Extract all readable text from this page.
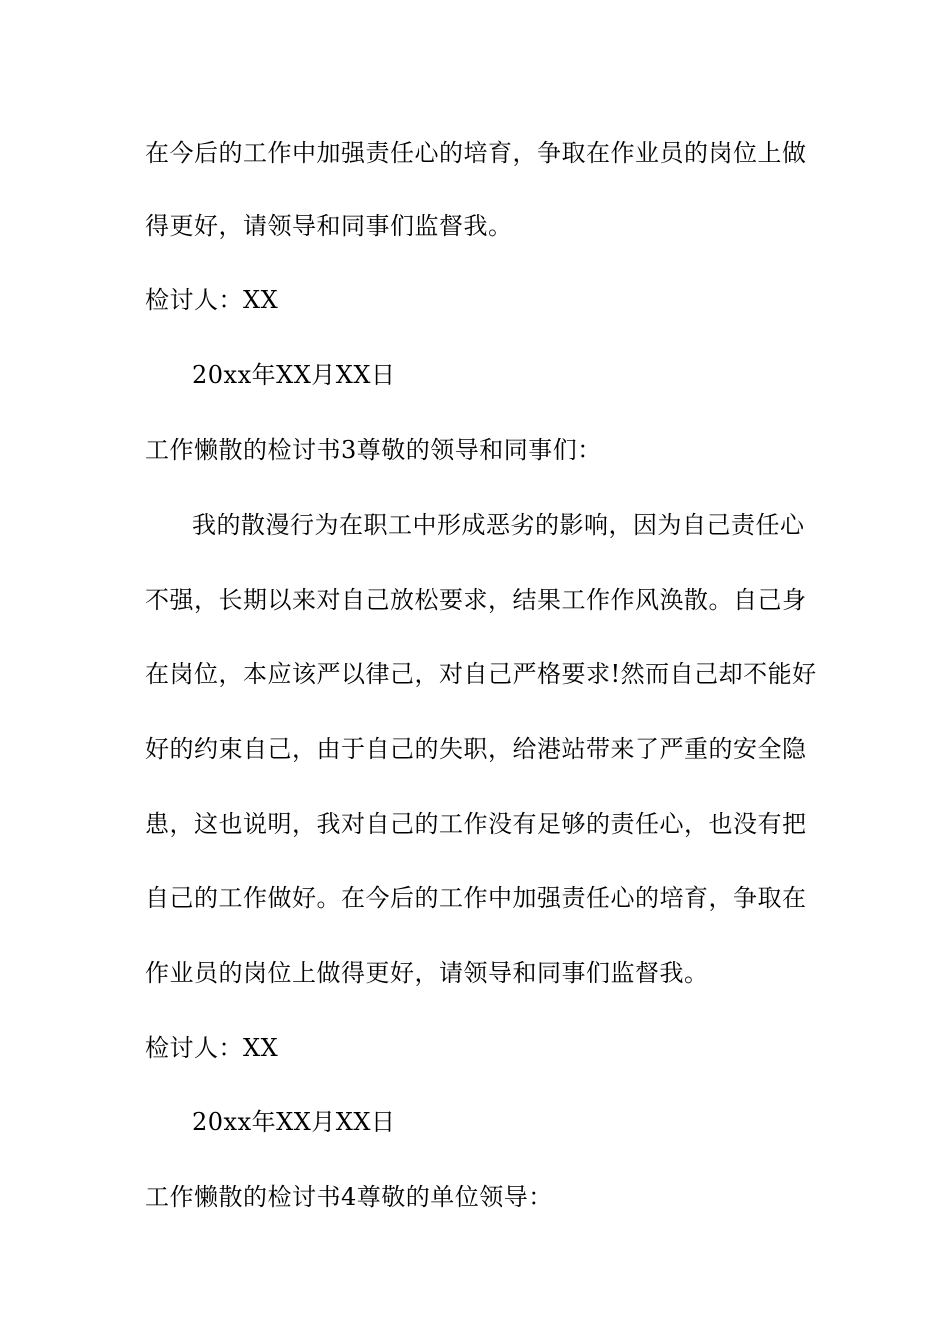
在今后的工作中加强责任心的培育，争取在作业员的岗位上做
得更好，请领导和同事们监督我。
检讨人：XX
20xx年XX月XX日
工作懒散的检讨书3尊敬的领导和同事们：
我的散漫行为在职工中形成恶劣的影响，因为自己责任心
不强，长期以来对自己放松要求，结果工作作风涣散。自己身
在岗位，本应该严以律己，对自己严格要求!然而自己却不能好
好的约束自己，由于自己的失职，给港站带来了严重的安全隐
患，这也说明，我对自己的工作没有足够的责任心，也没有把
自己的工作做好。在今后的工作中加强责任心的培育，争取在
作业员的岗位上做得更好，请领导和同事们监督我。
检讨人：XX
20xx年XX月XX日
工作懒散的检讨书4尊敬的单位领导：
